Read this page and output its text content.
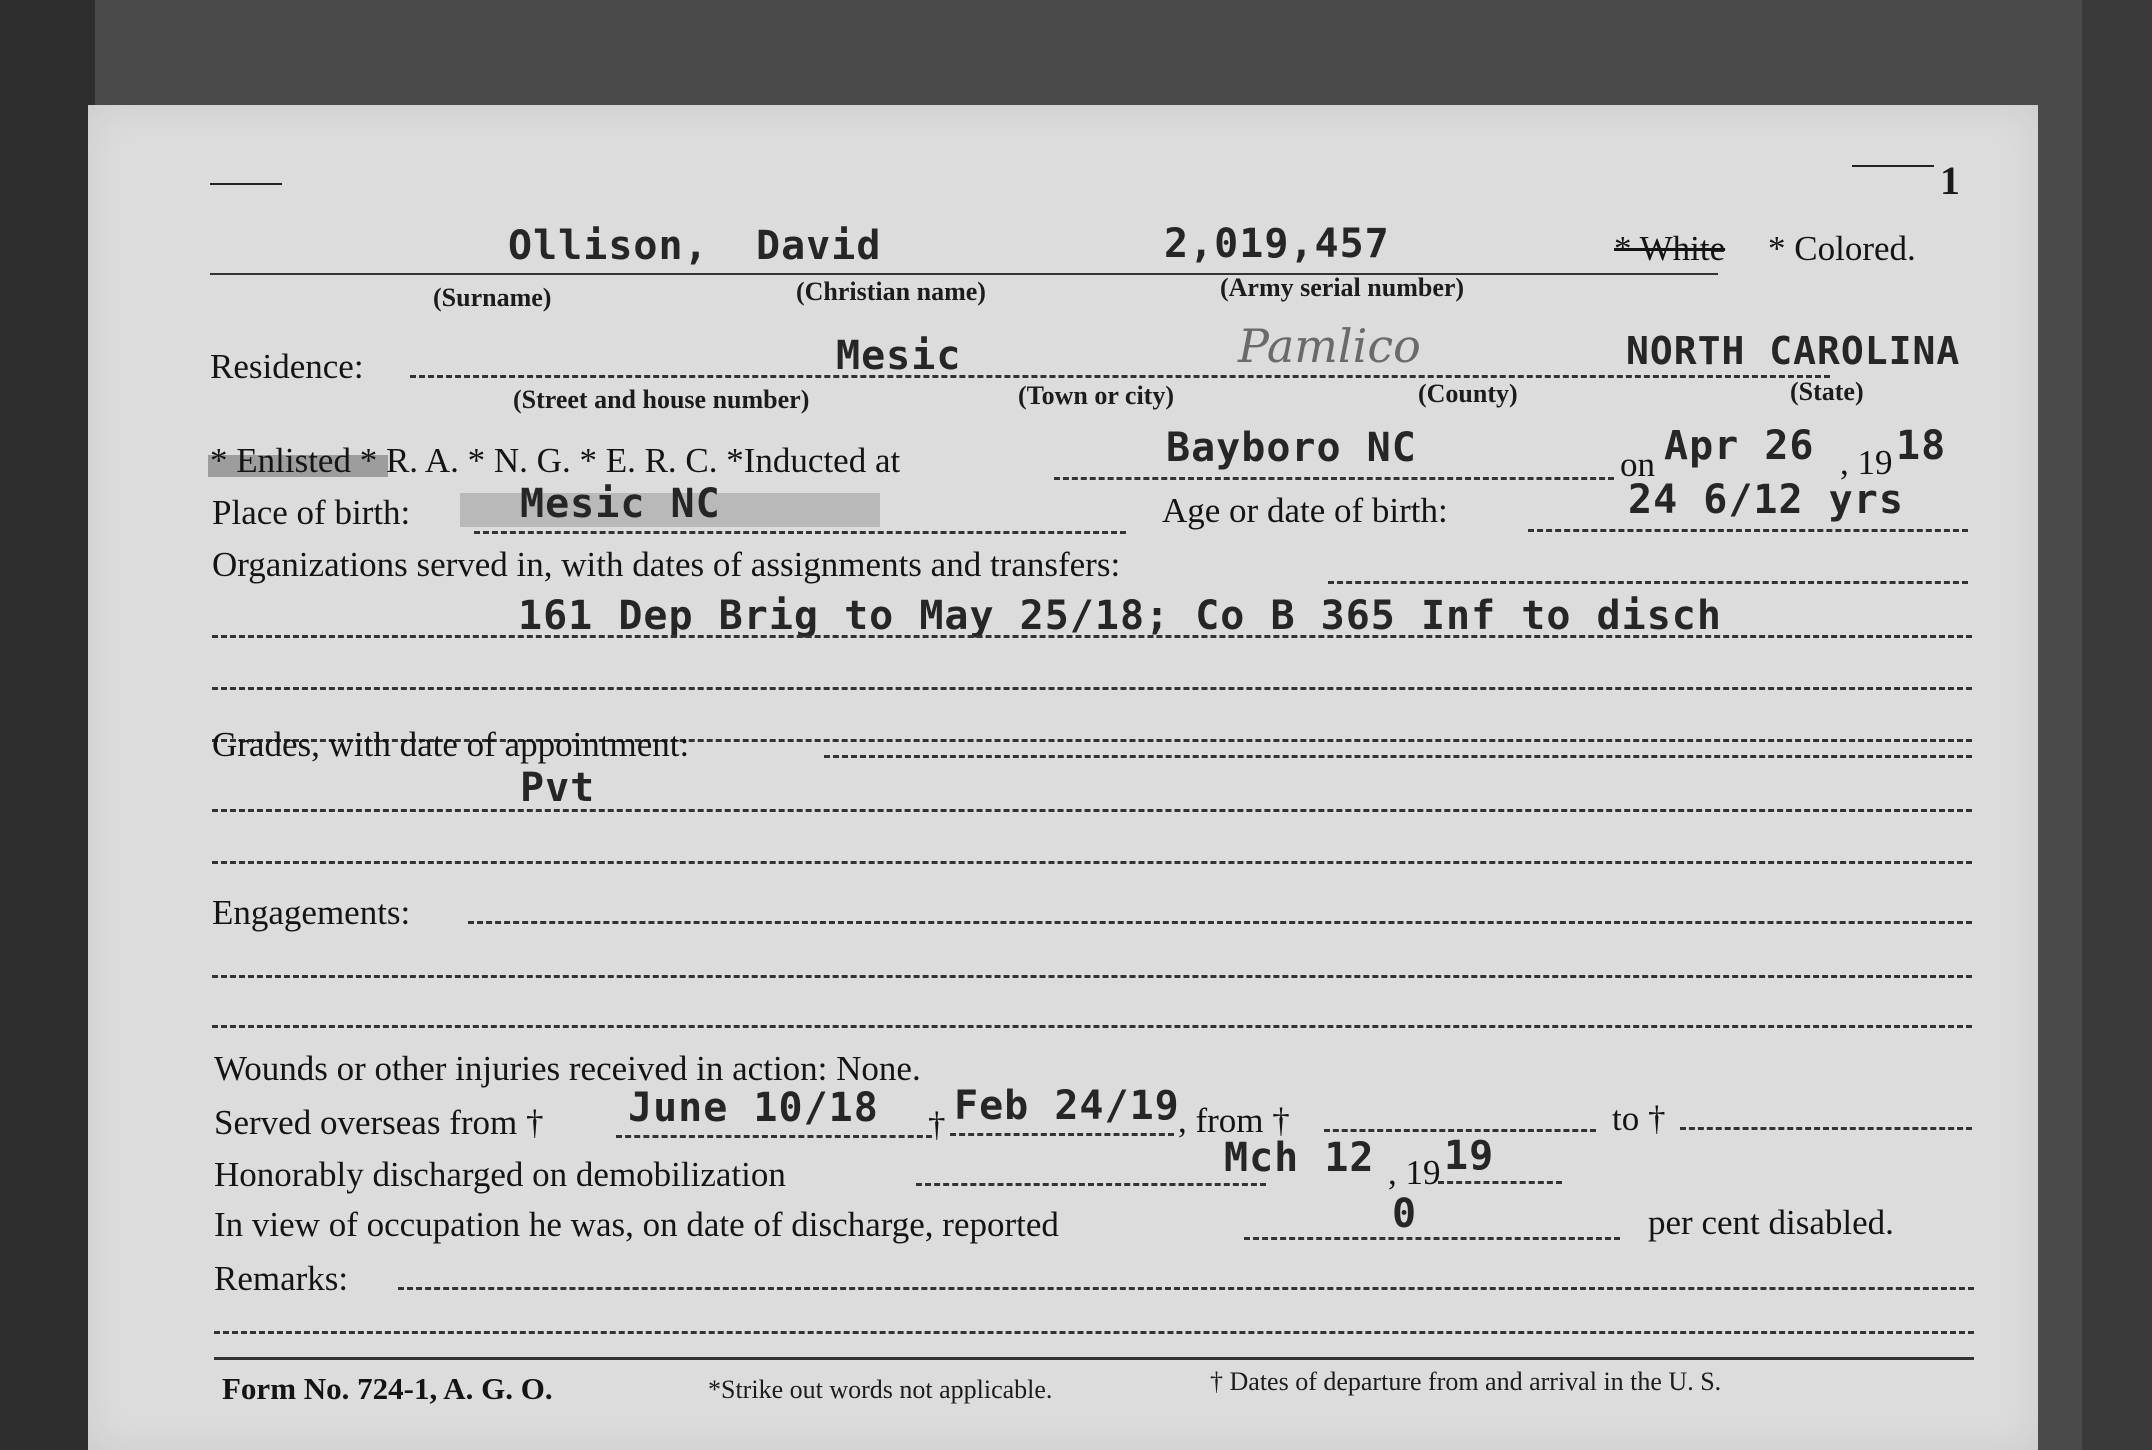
1
Ollison, David	2,019,457	* White * Colored.
(Surname)	(Christian name)	(Army serial number)
Residence:	Mesic	Pamlico	NORTH CAROLINA
(Street and house number)	(Town or city)	(County)	(State)
* Enlisted * R. A. * N. G. * E. R. C. *Inducted at	Bayboro NC	on Apr 26 , 19 18
Place of birth:	Mesic NC	Age or date of birth:	24 6/12 yrs
Organizations served in, with dates of assignments and transfers:
161 Dep Brig to May 25/18; Co B 365 Inf to disch
Grades, with date of appointment:
Pvt
Engagements:
Wounds or other injuries received in action: None.
Served overseas from † June 10/18 † Feb 24/19
, from †	to †
Honorably discharged on demobilization	Mch 12 , 19 19
In view of occupation he was, on date of discharge, reported	0	per cent disabled.
Remarks:
Form No. 724-1, A. G. O.	*Strike out words not applicable.	† Dates of departure from and arrival in the U. S.
